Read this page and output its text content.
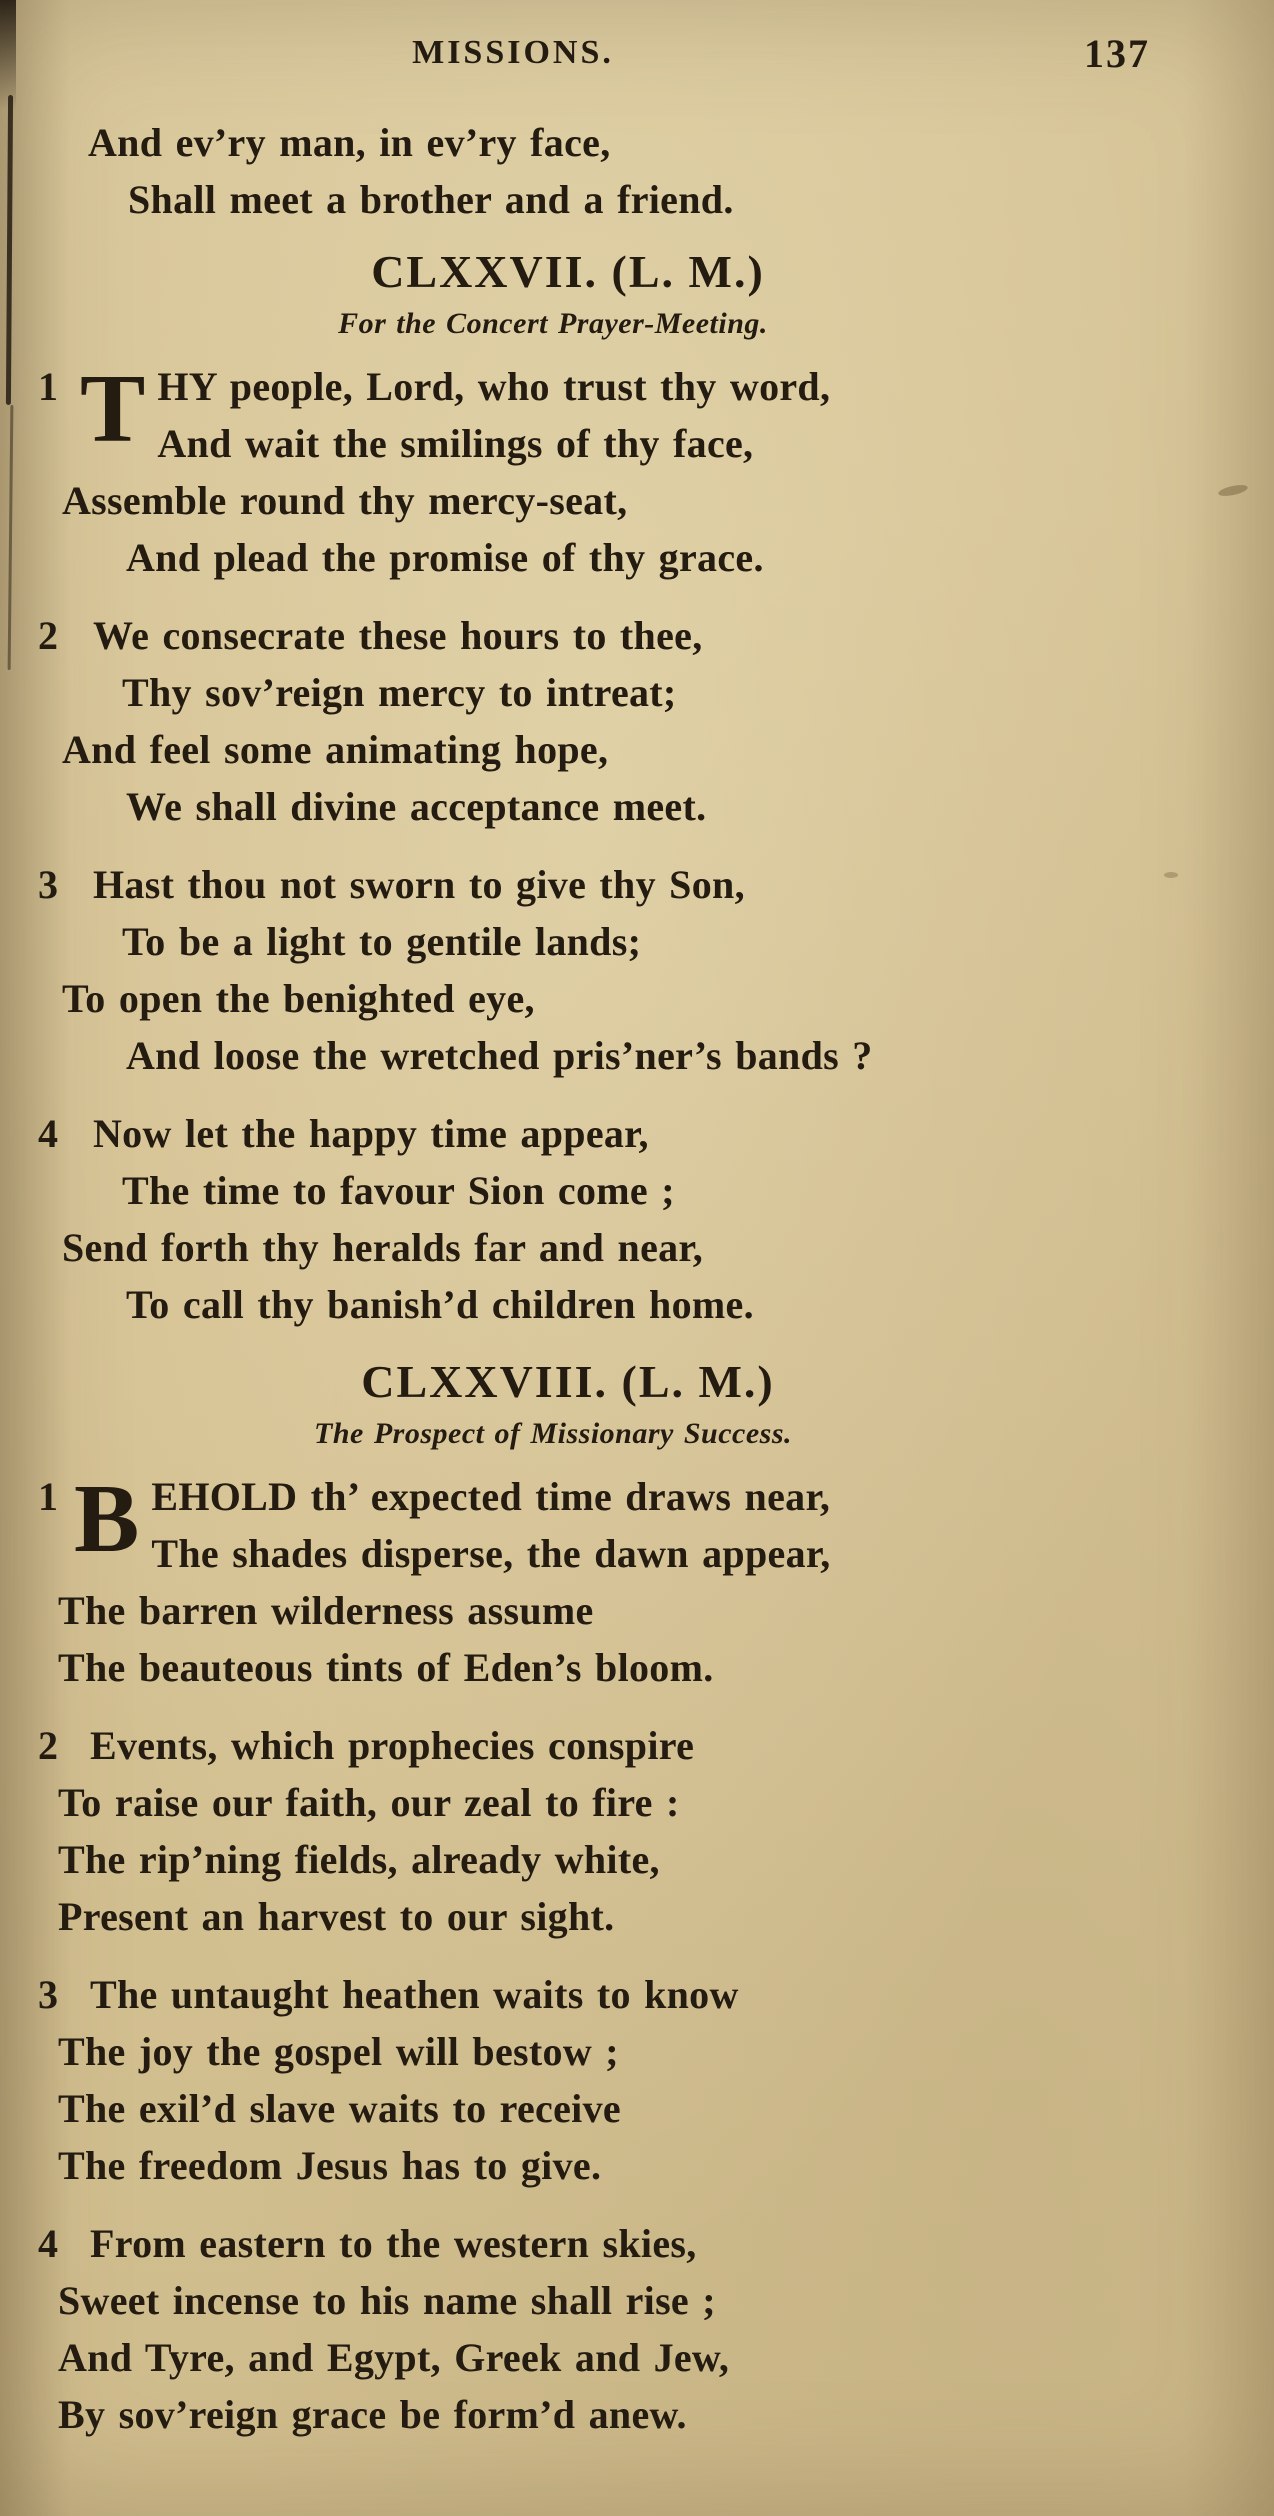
MISSIONS.	137
And ev’ry man, in ev’ry face,
Shall meet a brother and a friend.
CLXXVII. (L. M.)
For the Concert Prayer-Meeting.
1 T HY people, Lord, who trust thy word,
And wait the smilings of thy face,
Assemble round thy mercy-seat,
And plead the promise of thy grace.
2 We consecrate these hours to thee,
Thy sov’reign mercy to intreat;
And feel some animating hope,
We shall divine acceptance meet.
3 Hast thou not sworn to give thy Son,
To be a light to gentile lands;
To open the benighted eye,
And loose the wretched pris’ner’s bands ?
4 Now let the happy time appear,
The time to favour Sion come ;
Send forth thy heralds far and near,
To call thy banish’d children home.
CLXXVIII. (L. M.)
The Prospect of Missionary Success.
1 B EHOLD th’ expected time draws near,
The shades disperse, the dawn appear,
The barren wilderness assume
The beauteous tints of Eden’s bloom.
2 Events, which prophecies conspire
To raise our faith, our zeal to fire :
The rip’ning fields, already white,
Present an harvest to our sight.
3 The untaught heathen waits to know
The joy the gospel will bestow ;
The exil’d slave waits to receive
The freedom Jesus has to give.
4 From eastern to the western skies,
Sweet incense to his name shall rise ;
And Tyre, and Egypt, Greek and Jew,
By sov’reign grace be form’d anew.
